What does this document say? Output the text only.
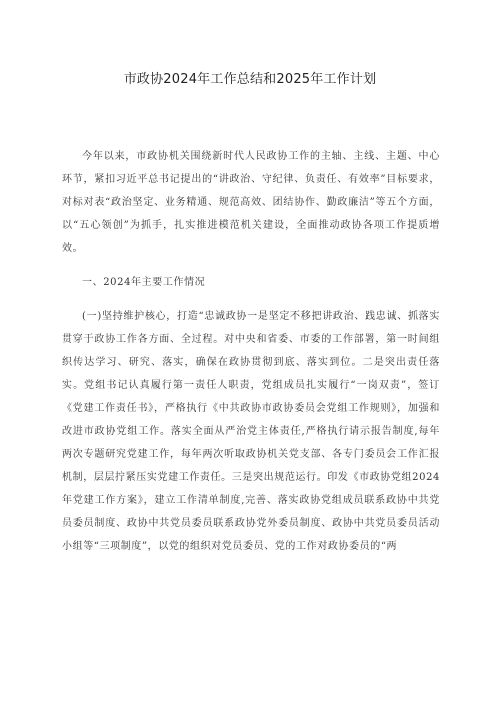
市政协2024年工作总结和2025年工作计划

今年以来，市政协机关围绕新时代人民政协工作的主轴、主线、主题、中心环节，紧扣习近平总书记提出的“讲政治、守纪律、负责任、有效率”目标要求，对标对表“政治坚定、业务精通、规范高效、团结协作、勤政廉洁”等五个方面，以“五心领创”为抓手，扎实推进模范机关建设，全面推动政协各项工作提质增效。

一、2024年主要工作情况

(一)坚持维护核心，打造“忠诚政协一是坚定不移把讲政治、践忠诚、抓落实贯穿于政协工作各方面、全过程。对中央和省委、市委的工作部署，第一时间组织传达学习、研究、落实，确保在政协贯彻到底、落实到位。二是突出责任落实。党组书记认真履行第一责任人职责，党组成员扎实履行“一岗双责”，签订《党建工作责任书》，严格执行《中共政协市政协委员会党组工作规则》，加强和改进市政协党组工作。落实全面从严治党主体责任,严格执行请示报告制度,每年两次专题研究党建工作，每年两次听取政协机关党支部、各专门委员会工作汇报机制，层层拧紧压实党建工作责任。三是突出规范运行。印发《市政协党组2024年党建工作方案》，建立工作清单制度,完善、落实政协党组成员联系政协中共党员委员制度、政协中共党员委员联系政协党外委员制度、政协中共党员委员活动小组等“三项制度”，以党的组织对党员委员、党的工作对政协委员的“两
